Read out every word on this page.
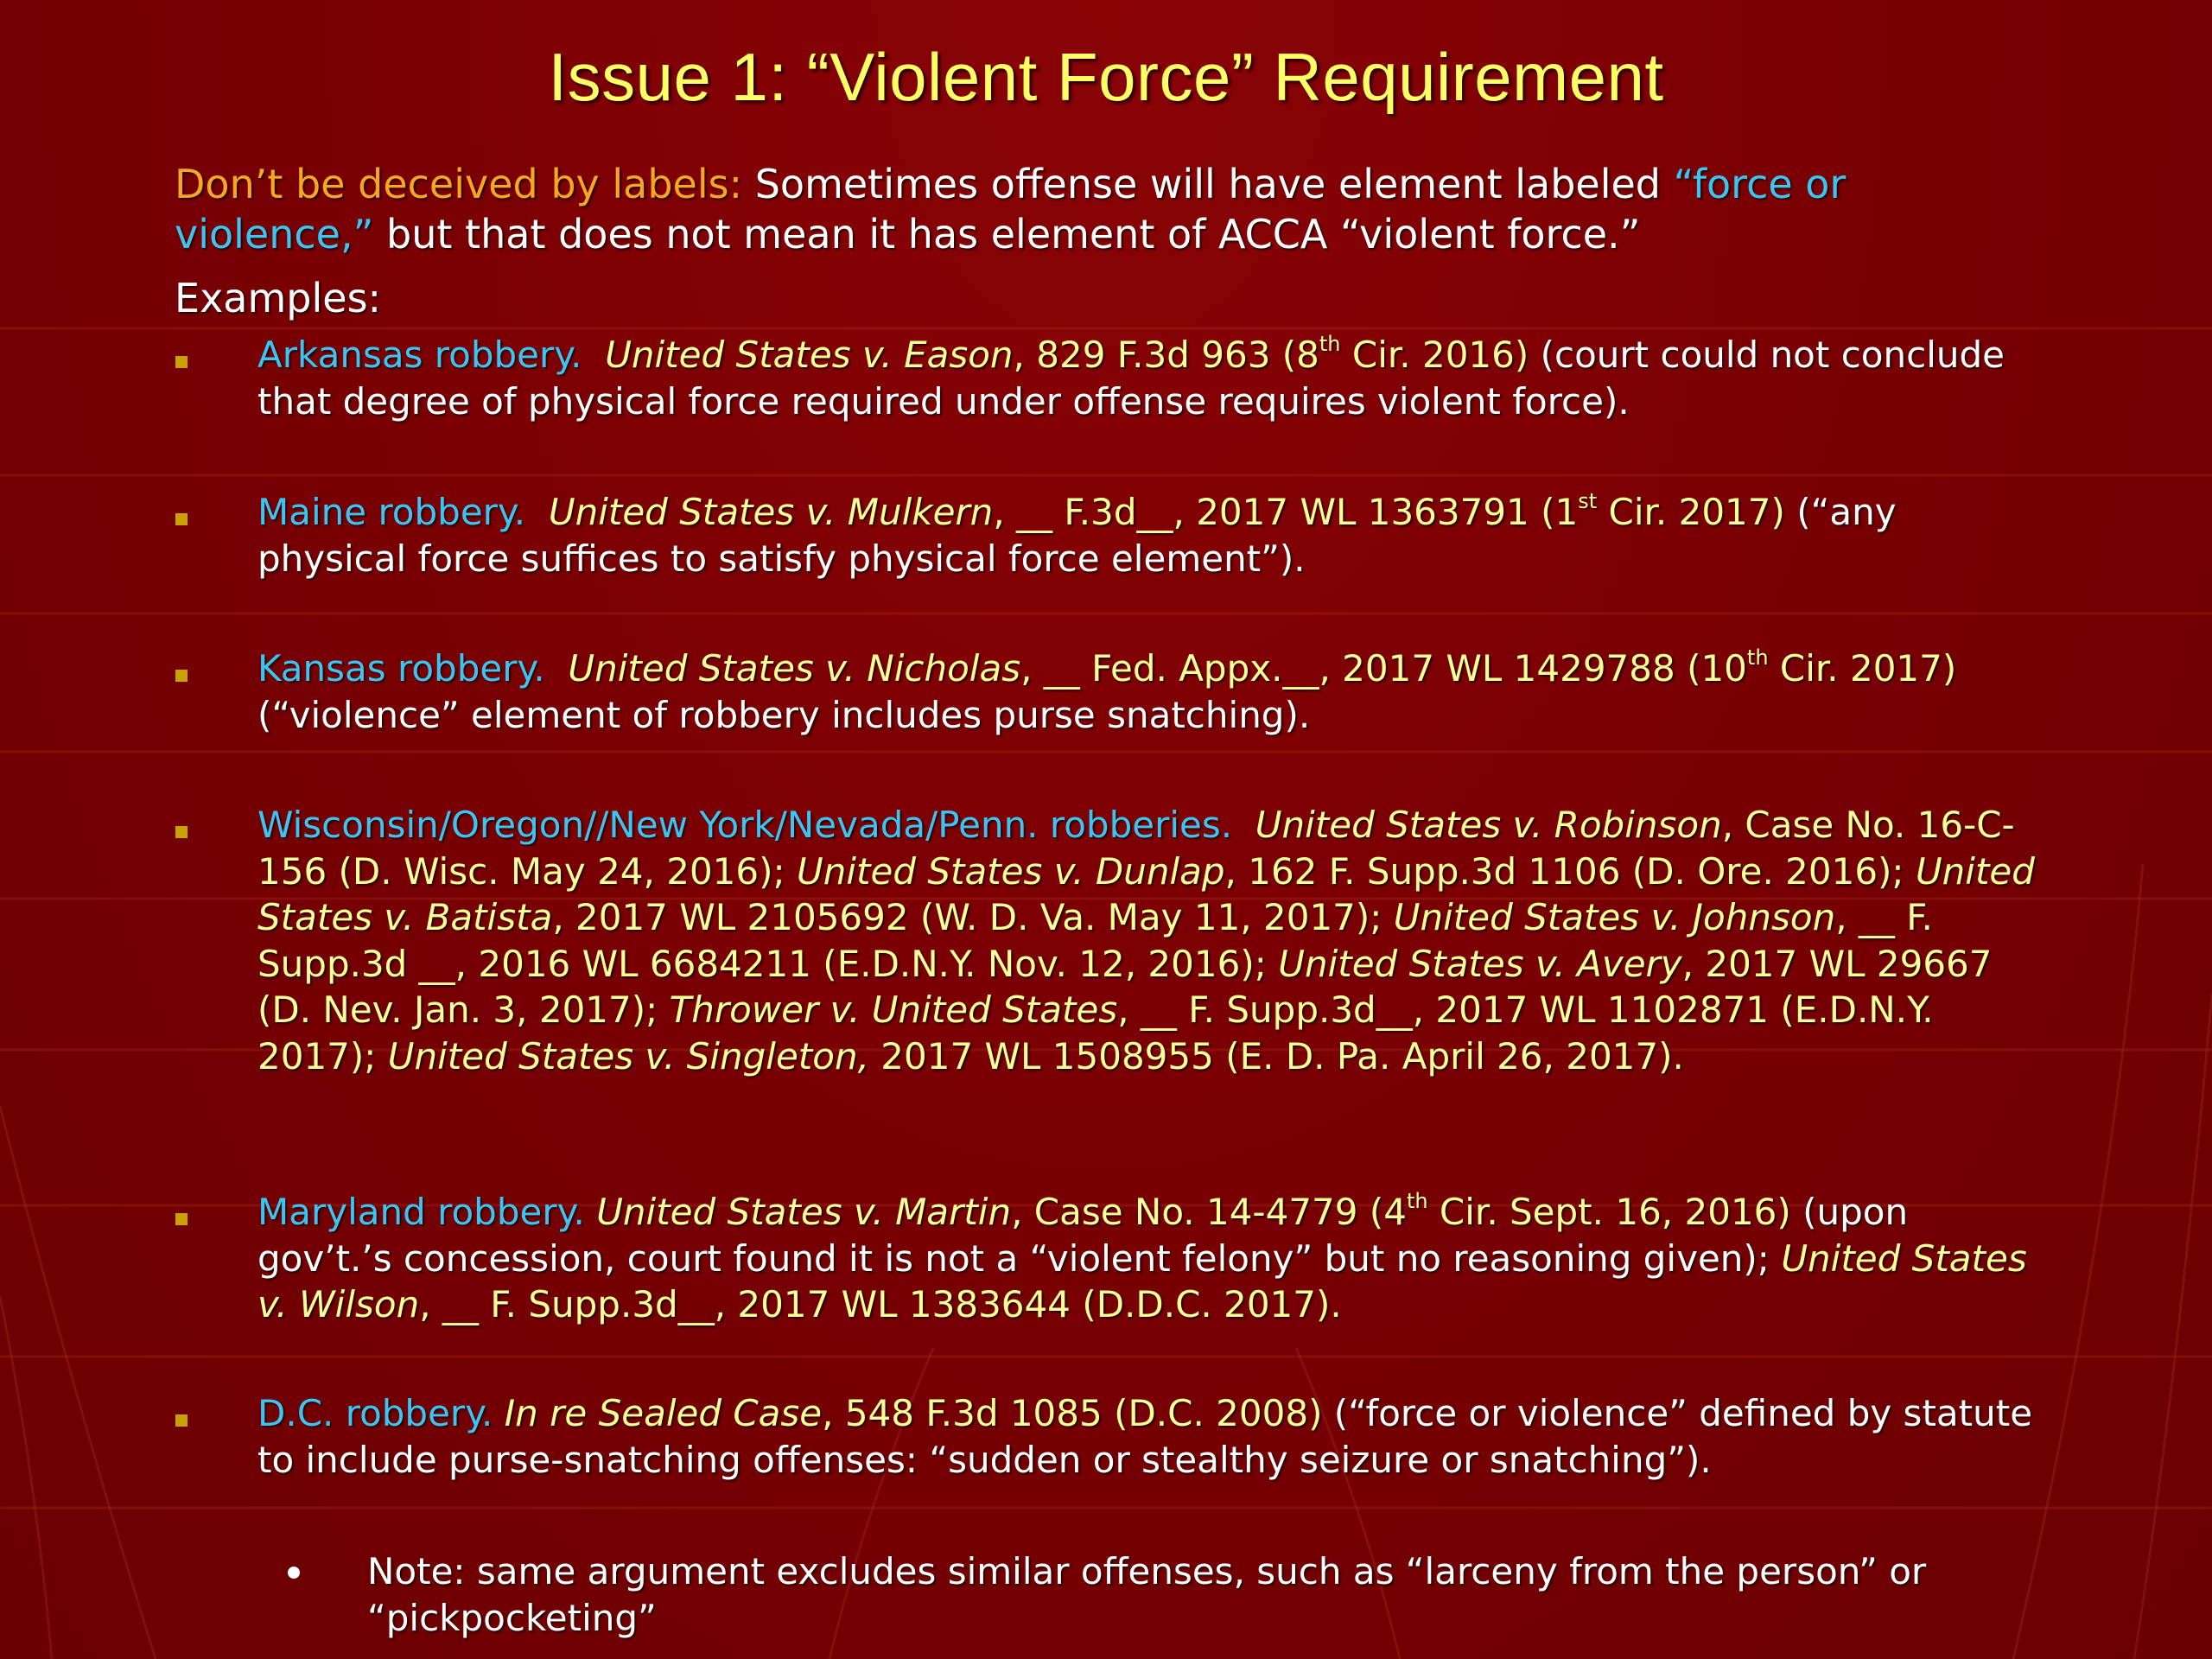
Issue 1: “Violent Force” Requirement
Don’t be deceived by labels: Sometimes offense will have element labeled “force or violence,” but that does not mean it has element of ACCA “violent force.”
Examples:
Arkansas robbery. United States v. Eason, 829 F.3d 963 (8th Cir. 2016) (court could not conclude that degree of physical force required under offense requires violent force).
Maine robbery. United States v. Mulkern, __ F.3d__, 2017 WL 1363791 (1st Cir. 2017) (“any physical force suffices to satisfy physical force element”).
Kansas robbery. United States v. Nicholas, __ Fed. Appx.__, 2017 WL 1429788 (10th Cir. 2017) (“violence” element of robbery includes purse snatching).
Wisconsin/Oregon//New York/Nevada/Penn. robberies. United States v. Robinson, Case No. 16-C-156 (D. Wisc. May 24, 2016); United States v. Dunlap, 162 F. Supp.3d 1106 (D. Ore. 2016); United States v. Batista, 2017 WL 2105692 (W. D. Va. May 11, 2017); United States v. Johnson, __ F. Supp.3d __, 2016 WL 6684211 (E.D.N.Y. Nov. 12, 2016); United States v. Avery, 2017 WL 29667 (D. Nev. Jan. 3, 2017); Thrower v. United States, __ F. Supp.3d__, 2017 WL 1102871 (E.D.N.Y. 2017); United States v. Singleton, 2017 WL 1508955 (E. D. Pa. April 26, 2017).
Maryland robbery. United States v. Martin, Case No. 14-4779 (4th Cir. Sept. 16, 2016) (upon gov’t.’s concession, court found it is not a “violent felony” but no reasoning given); United States v. Wilson, __ F. Supp.3d__, 2017 WL 1383644 (D.D.C. 2017).
D.C. robbery. In re Sealed Case, 548 F.3d 1085 (D.C. 2008) (“force or violence” defined by statute to include purse-snatching offenses: “sudden or stealthy seizure or snatching”).
Note: same argument excludes similar offenses, such as “larceny from the person” or “pickpocketing”
